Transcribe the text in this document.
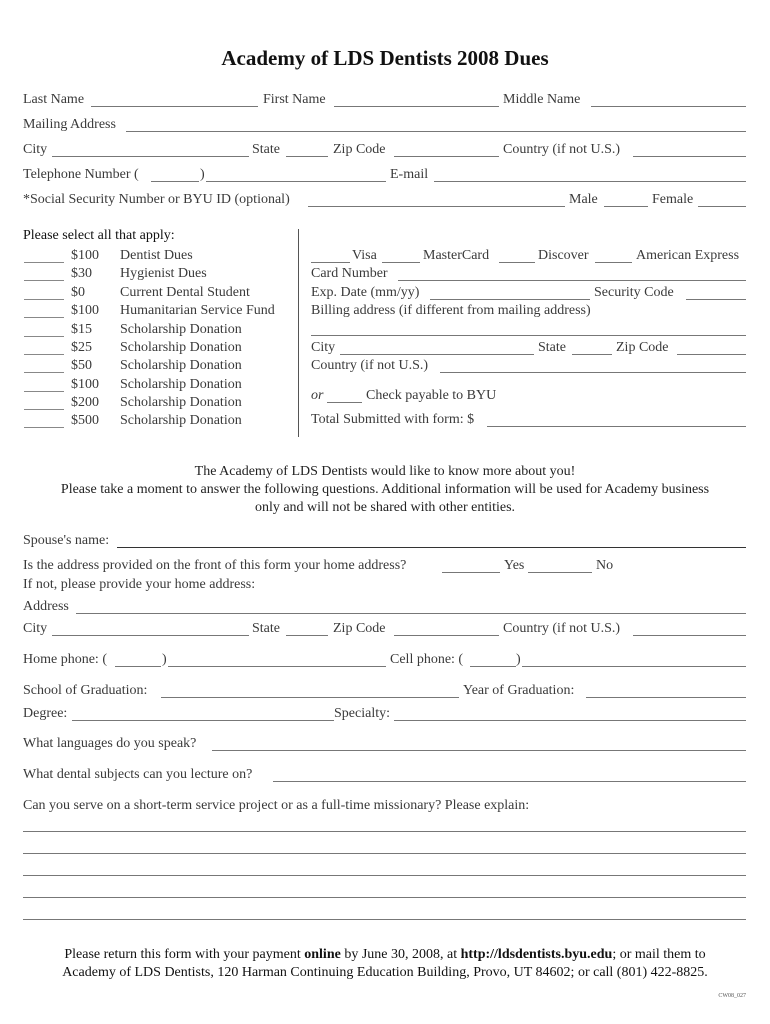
Academy of LDS Dentists 2008 Dues
Last Name	First Name	Middle Name
Mailing Address
City	State	Zip Code	Country (if not U.S.)
Telephone Number (	)	E-mail
*Social Security Number or BYU ID (optional)	Male	Female
Please select all that apply:
$100 Dentist Dues
$30 Hygienist Dues
$0	Current Dental Student
$100 Humanitarian Service Fund
$15 Scholarship Donation
$25 Scholarship Donation
$50 Scholarship Donation
$100 Scholarship Donation
$200 Scholarship Donation
$500 Scholarship Donation
Visa	MasterCard	Discover	American Express
Card Number
Exp. Date (mm/yy)	Security Code
Billing address (if different from mailing address)
City	State	Zip Code
Country (if not U.S.)
or	Check payable to BYU
Total Submitted with form: $
The Academy of LDS Dentists would like to know more about you!
Please take a moment to answer the following questions. Additional information will be used for Academy business
only and will not be shared with other entities.
Spouse's name:
Is the address provided on the front of this form your home address?	Yes	No
If not, please provide your home address:
Address
City	State	Zip Code	Country (if not U.S.)
Home phone: (	)	Cell phone: (	)
School of Graduation:	Year of Graduation:
Degree:	Specialty:
What languages do you speak?
What dental subjects can you lecture on?
Can you serve on a short-term service project or as a full-time missionary? Please explain:
Please return this form with your payment online by June 30, 2008, at http://ldsdentists.byu.edu; or mail them to
Academy of LDS Dentists, 120 Harman Continuing Education Building, Provo, UT 84602; or call (801) 422-8825.
CW08_027
